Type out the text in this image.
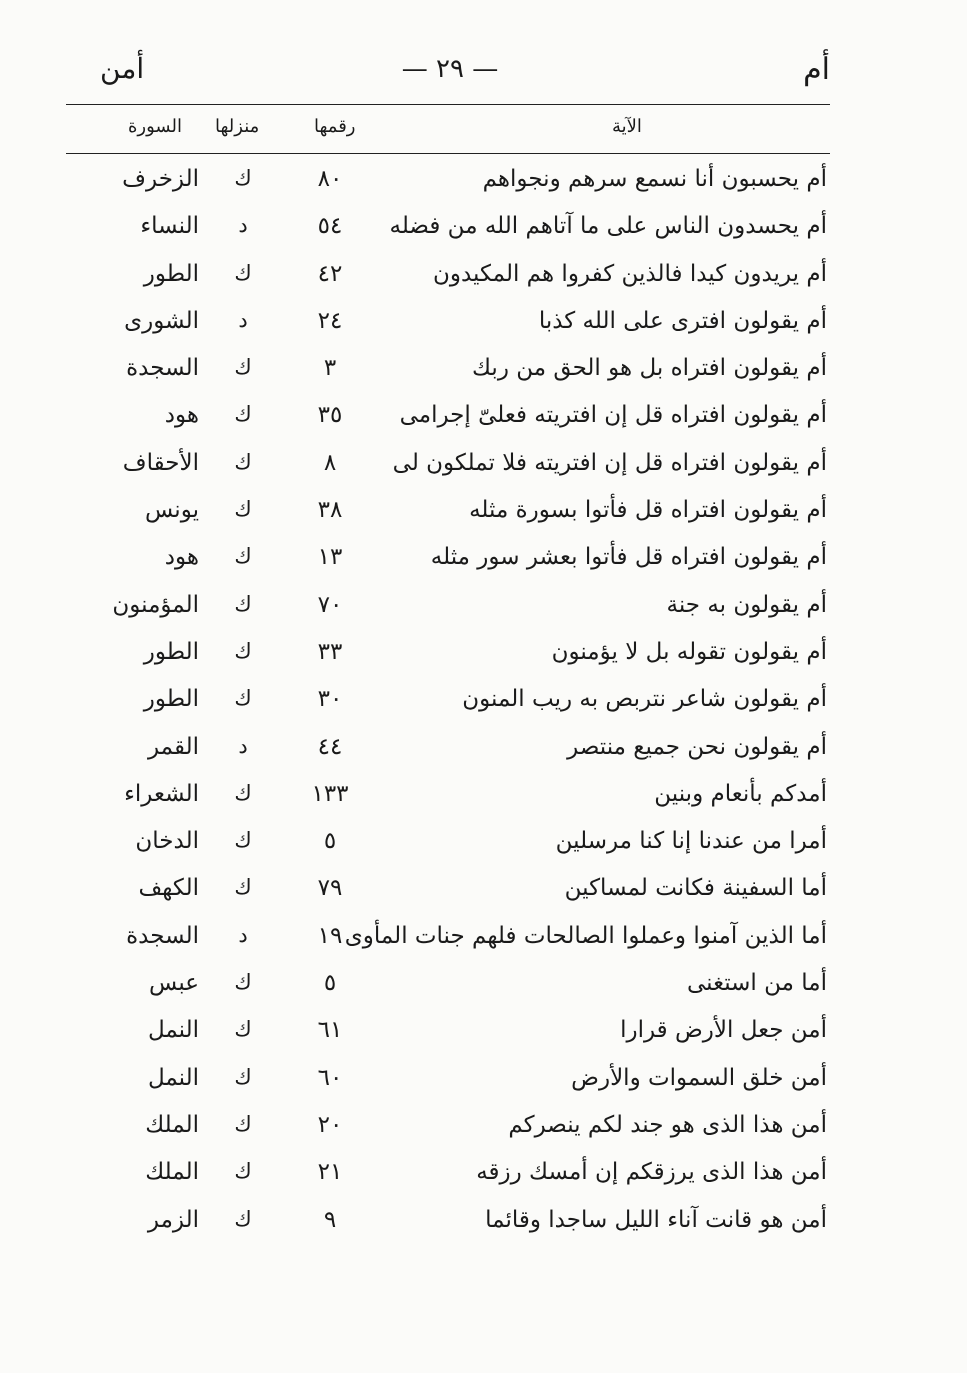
أم
— ٢٩ —
أمن
الآية
رقمها
منزلها
السورة
أم يحسبون أنا نسمع سرهم ونجواهم
٨٠
ك
الزخرف
أم يحسدون الناس على ما آتاهم الله من فضله
٥٤
د
النساء
أم يريدون كيدا فالذين كفروا هم المكيدون
٤٢
ك
الطور
أم يقولون افترى على الله كذبا
٢٤
د
الشورى
أم يقولون افتراه بل هو الحق من ربك
٣
ك
السجدة
أم يقولون افتراه قل إن افتريته فعلىّ إجرامى
٣٥
ك
هود
أم يقولون افتراه قل إن افتريته فلا تملكون لى
٨
ك
الأحقاف
أم يقولون افتراه قل فأتوا بسورة مثله
٣٨
ك
يونس
أم يقولون افتراه قل فأتوا بعشر سور مثله
١٣
ك
هود
أم يقولون به جنة
٧٠
ك
المؤمنون
أم يقولون تقوله بل لا يؤمنون
٣٣
ك
الطور
أم يقولون شاعر نتربص به ريب المنون
٣٠
ك
الطور
أم يقولون نحن جميع منتصر
٤٤
د
القمر
أمدكم بأنعام وبنين
١٣٣
ك
الشعراء
أمرا من عندنا إنا كنا مرسلين
٥
ك
الدخان
أما السفينة فكانت لمساكين
٧٩
ك
الكهف
أما الذين آمنوا وعملوا الصالحات فلهم جنات المأوى
١٩
د
السجدة
أما من استغنى
٥
ك
عبس
أمن جعل الأرض قرارا
٦١
ك
النمل
أمن خلق السموات والأرض
٦٠
ك
النمل
أمن هذا الذى هو جند لكم ينصركم
٢٠
ك
الملك
أمن هذا الذى يرزقكم إن أمسك رزقه
٢١
ك
الملك
أمن هو قانت آناء الليل ساجدا وقائما
٩
ك
الزمر
